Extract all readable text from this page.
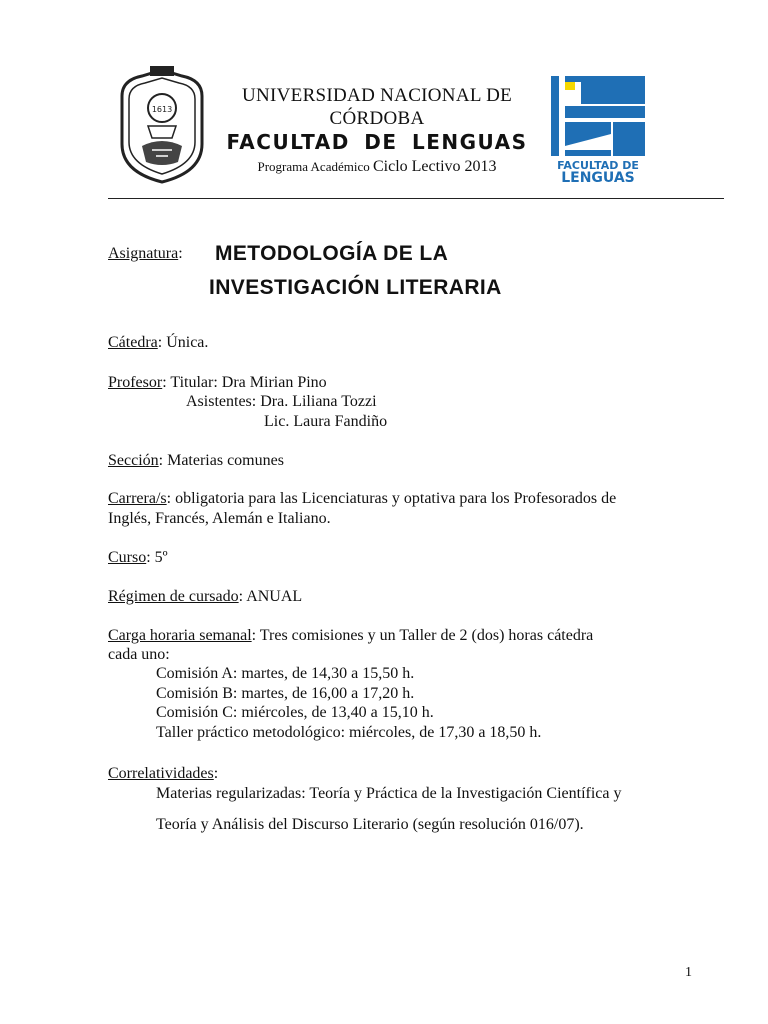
1613
UNIVERSIDAD NACIONAL DE CÓRDOBA
FACULTAD DE LENGUAS
Programa Académico Ciclo Lectivo 2013	FACULTAD DE
LENGUAS
Asignatura: METODOLOGÍA DE LA
INVESTIGACIÓN LITERARIA
Cátedra: Única.
Profesor: Titular: Dra Mirian Pino
Asistentes: Dra. Liliana Tozzi
Lic. Laura Fandiño
Sección: Materias comunes
Carrera/s: obligatoria para las Licenciaturas y optativa para los Profesorados de
Inglés, Francés, Alemán e Italiano.
Curso: 5º
Régimen de cursado: ANUAL
Carga horaria semanal: Tres comisiones y un Taller de 2 (dos) horas cátedra
cada uno:
Comisión A: martes, de 14,30 a 15,50 h.
Comisión B: martes, de 16,00 a 17,20 h.
Comisión C: miércoles, de 13,40 a 15,10 h.
Taller práctico metodológico: miércoles, de 17,30 a 18,50 h.
Correlatividades:
Materias regularizadas: Teoría y Práctica de la Investigación Científica y
Teoría y Análisis del Discurso Literario (según resolución 016/07).
1
